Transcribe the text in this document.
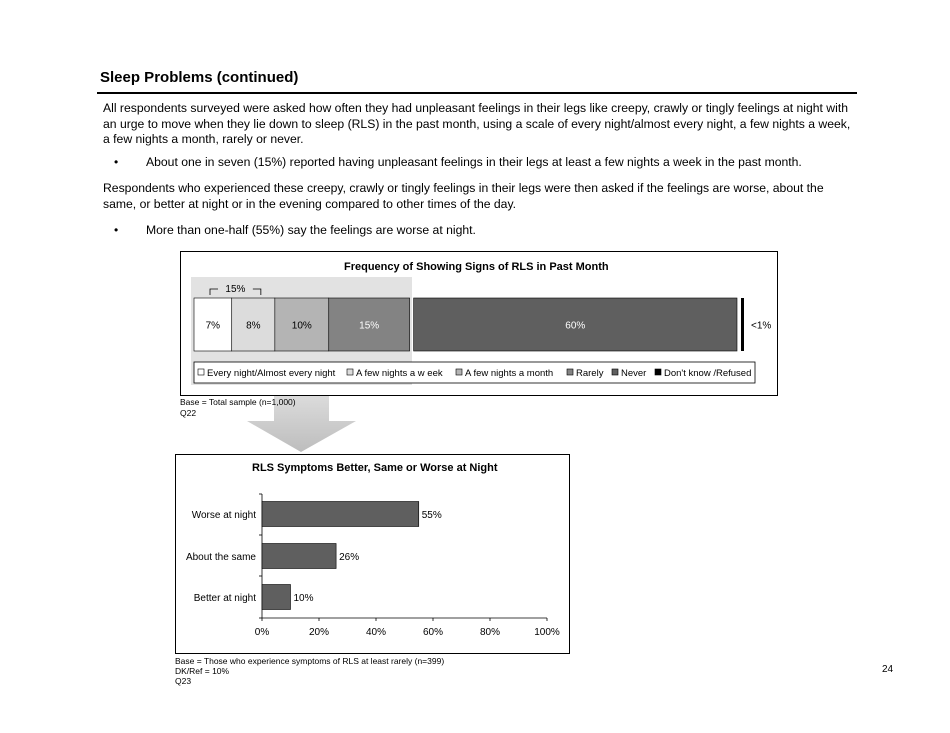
Sleep Problems (continued)
All respondents surveyed were asked how often they had unpleasant feelings in their legs like creepy, crawly or tingly feelings at night with an urge to move when they lie down to sleep (RLS) in the past month, using a scale of every night/almost every night, a few nights a week, a few nights a month, rarely or never.
• About one in seven (15%) reported having unpleasant feelings in their legs at least a few nights a week in the past month.
Respondents who experienced these creepy, crawly or tingly feelings in their legs were then asked if the feelings are worse, about the same, or better at night or in the evening compared to other times of the day.
• More than one-half (55%) say the feelings are worse at night.
7%	8%	10%	15%	60%	<1%
15%
Every night/Almost every night A few nights a w eek A few nights a month Rarely Never Don't know /Refused
Frequency of Showing Signs of RLS in Past Month
Base = Total sample (n=1,000)
Q22
0%	20%	40%	60%	80%	100%
Worse at night	55%
About the same	26%
Better at night	10%
RLS Symptoms Better, Same or Worse at Night
Base = Those who experience symptoms of RLS at least rarely (n=399)
DK/Ref = 10%
Q23
24
